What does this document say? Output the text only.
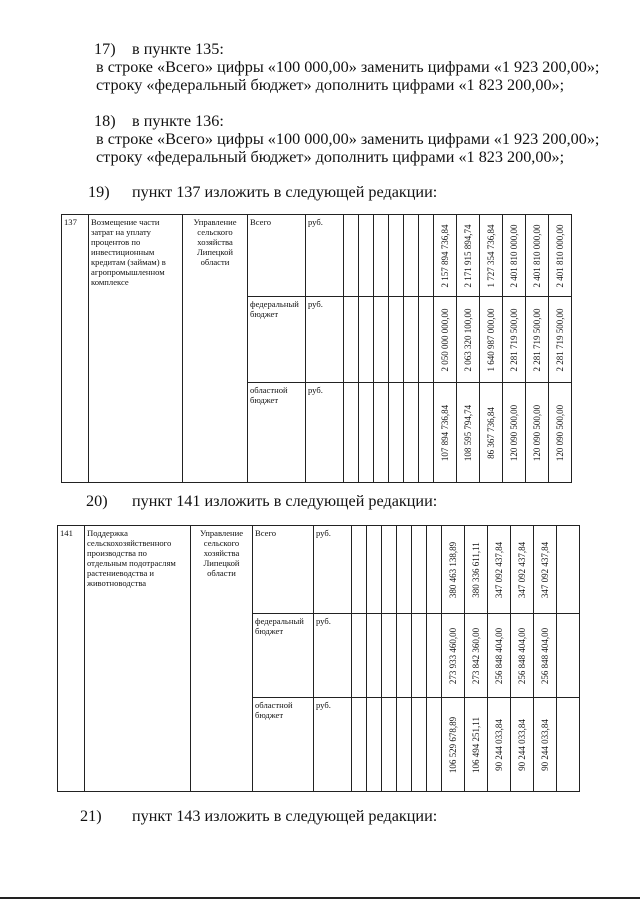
17) в пункте 135:
в строке «Всего» цифры «100 000,00» заменить цифрами «1 923 200,00»;
строку «федеральный бюджет» дополнить цифрами «1 823 200,00»;
18) в пункте 136:
в строке «Всего» цифры «100 000,00» заменить цифрами «1 923 200,00»;
строку «федеральный бюджет» дополнить цифрами «1 823 200,00»;
19) пункт 137 изложить в следующей редакции:
137	Возмещение части затрат на уплату процентов по инвестиционным кредитам (займам) в агропромышленном комплексе	Управление сельского хозяйства Липецкой области	Всего	руб.							2 157 894 736,84	2 171 915 894,74	1 727 354 736,84	2 401 810 000,00	2 401 810 000,00	2 401 810 000,00

			федеральный бюджет	руб.							2 050 000 000,00	2 063 320 100,00	1 640 987 000,00	2 281 719 500,00	2 281 719 500,00	2 281 719 500,00

			областной бюджет	руб.							107 894 736,84	108 595 794,74	86 367 736,84	120 090 500,00	120 090 500,00	120 090 500,00
20) пункт 141 изложить в следующей редакции:
141	Поддержка сельскохозяйственного производства по отдельным подотраслям растениеводства и животноводства	Управление сельского хозяйства Липецкой области	Всего	руб.							380 463 138,89	380 336 611,11	347 092 437,84	347 092 437,84	347 092 437,84	

			федеральный бюджет	руб.							273 933 460,00	273 842 360,00	256 848 404,00	256 848 404,00	256 848 404,00	

			областной бюджет	руб.							106 529 678,89	106 494 251,11	90 244 033,84	90 244 033,84	90 244 033,84	

21) пункт 143 изложить в следующей редакции:
